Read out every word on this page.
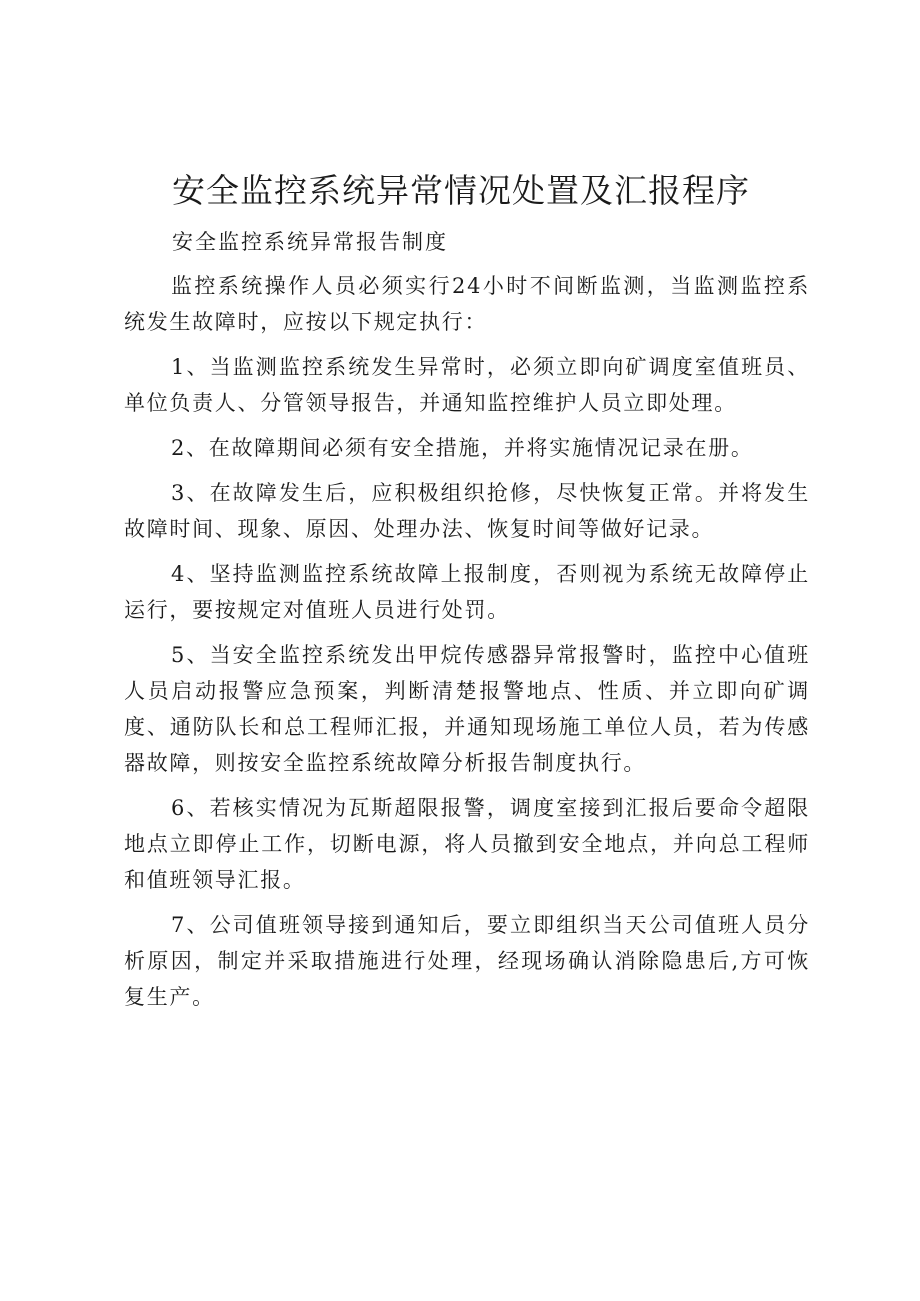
安全监控系统异常情况处置及汇报程序

安全监控系统异常报告制度

监控系统操作人员必须实行24小时不间断监测，当监测监控系统发生故障时，应按以下规定执行：

1、当监测监控系统发生异常时，必须立即向矿调度室值班员、单位负责人、分管领导报告，并通知监控维护人员立即处理。

2、在故障期间必须有安全措施，并将实施情况记录在册。

3、在故障发生后，应积极组织抢修，尽快恢复正常。并将发生故障时间、现象、原因、处理办法、恢复时间等做好记录。

4、坚持监测监控系统故障上报制度，否则视为系统无故障停止运行，要按规定对值班人员进行处罚。

5、当安全监控系统发出甲烷传感器异常报警时，监控中心值班人员启动报警应急预案，判断清楚报警地点、性质、并立即向矿调度、通防队长和总工程师汇报，并通知现场施工单位人员，若为传感器故障，则按安全监控系统故障分析报告制度执行。

6、若核实情况为瓦斯超限报警，调度室接到汇报后要命令超限地点立即停止工作，切断电源，将人员撤到安全地点，并向总工程师和值班领导汇报。

7、公司值班领导接到通知后，要立即组织当天公司值班人员分析原因，制定并采取措施进行处理，经现场确认消除隐患后,方可恢复生产。
